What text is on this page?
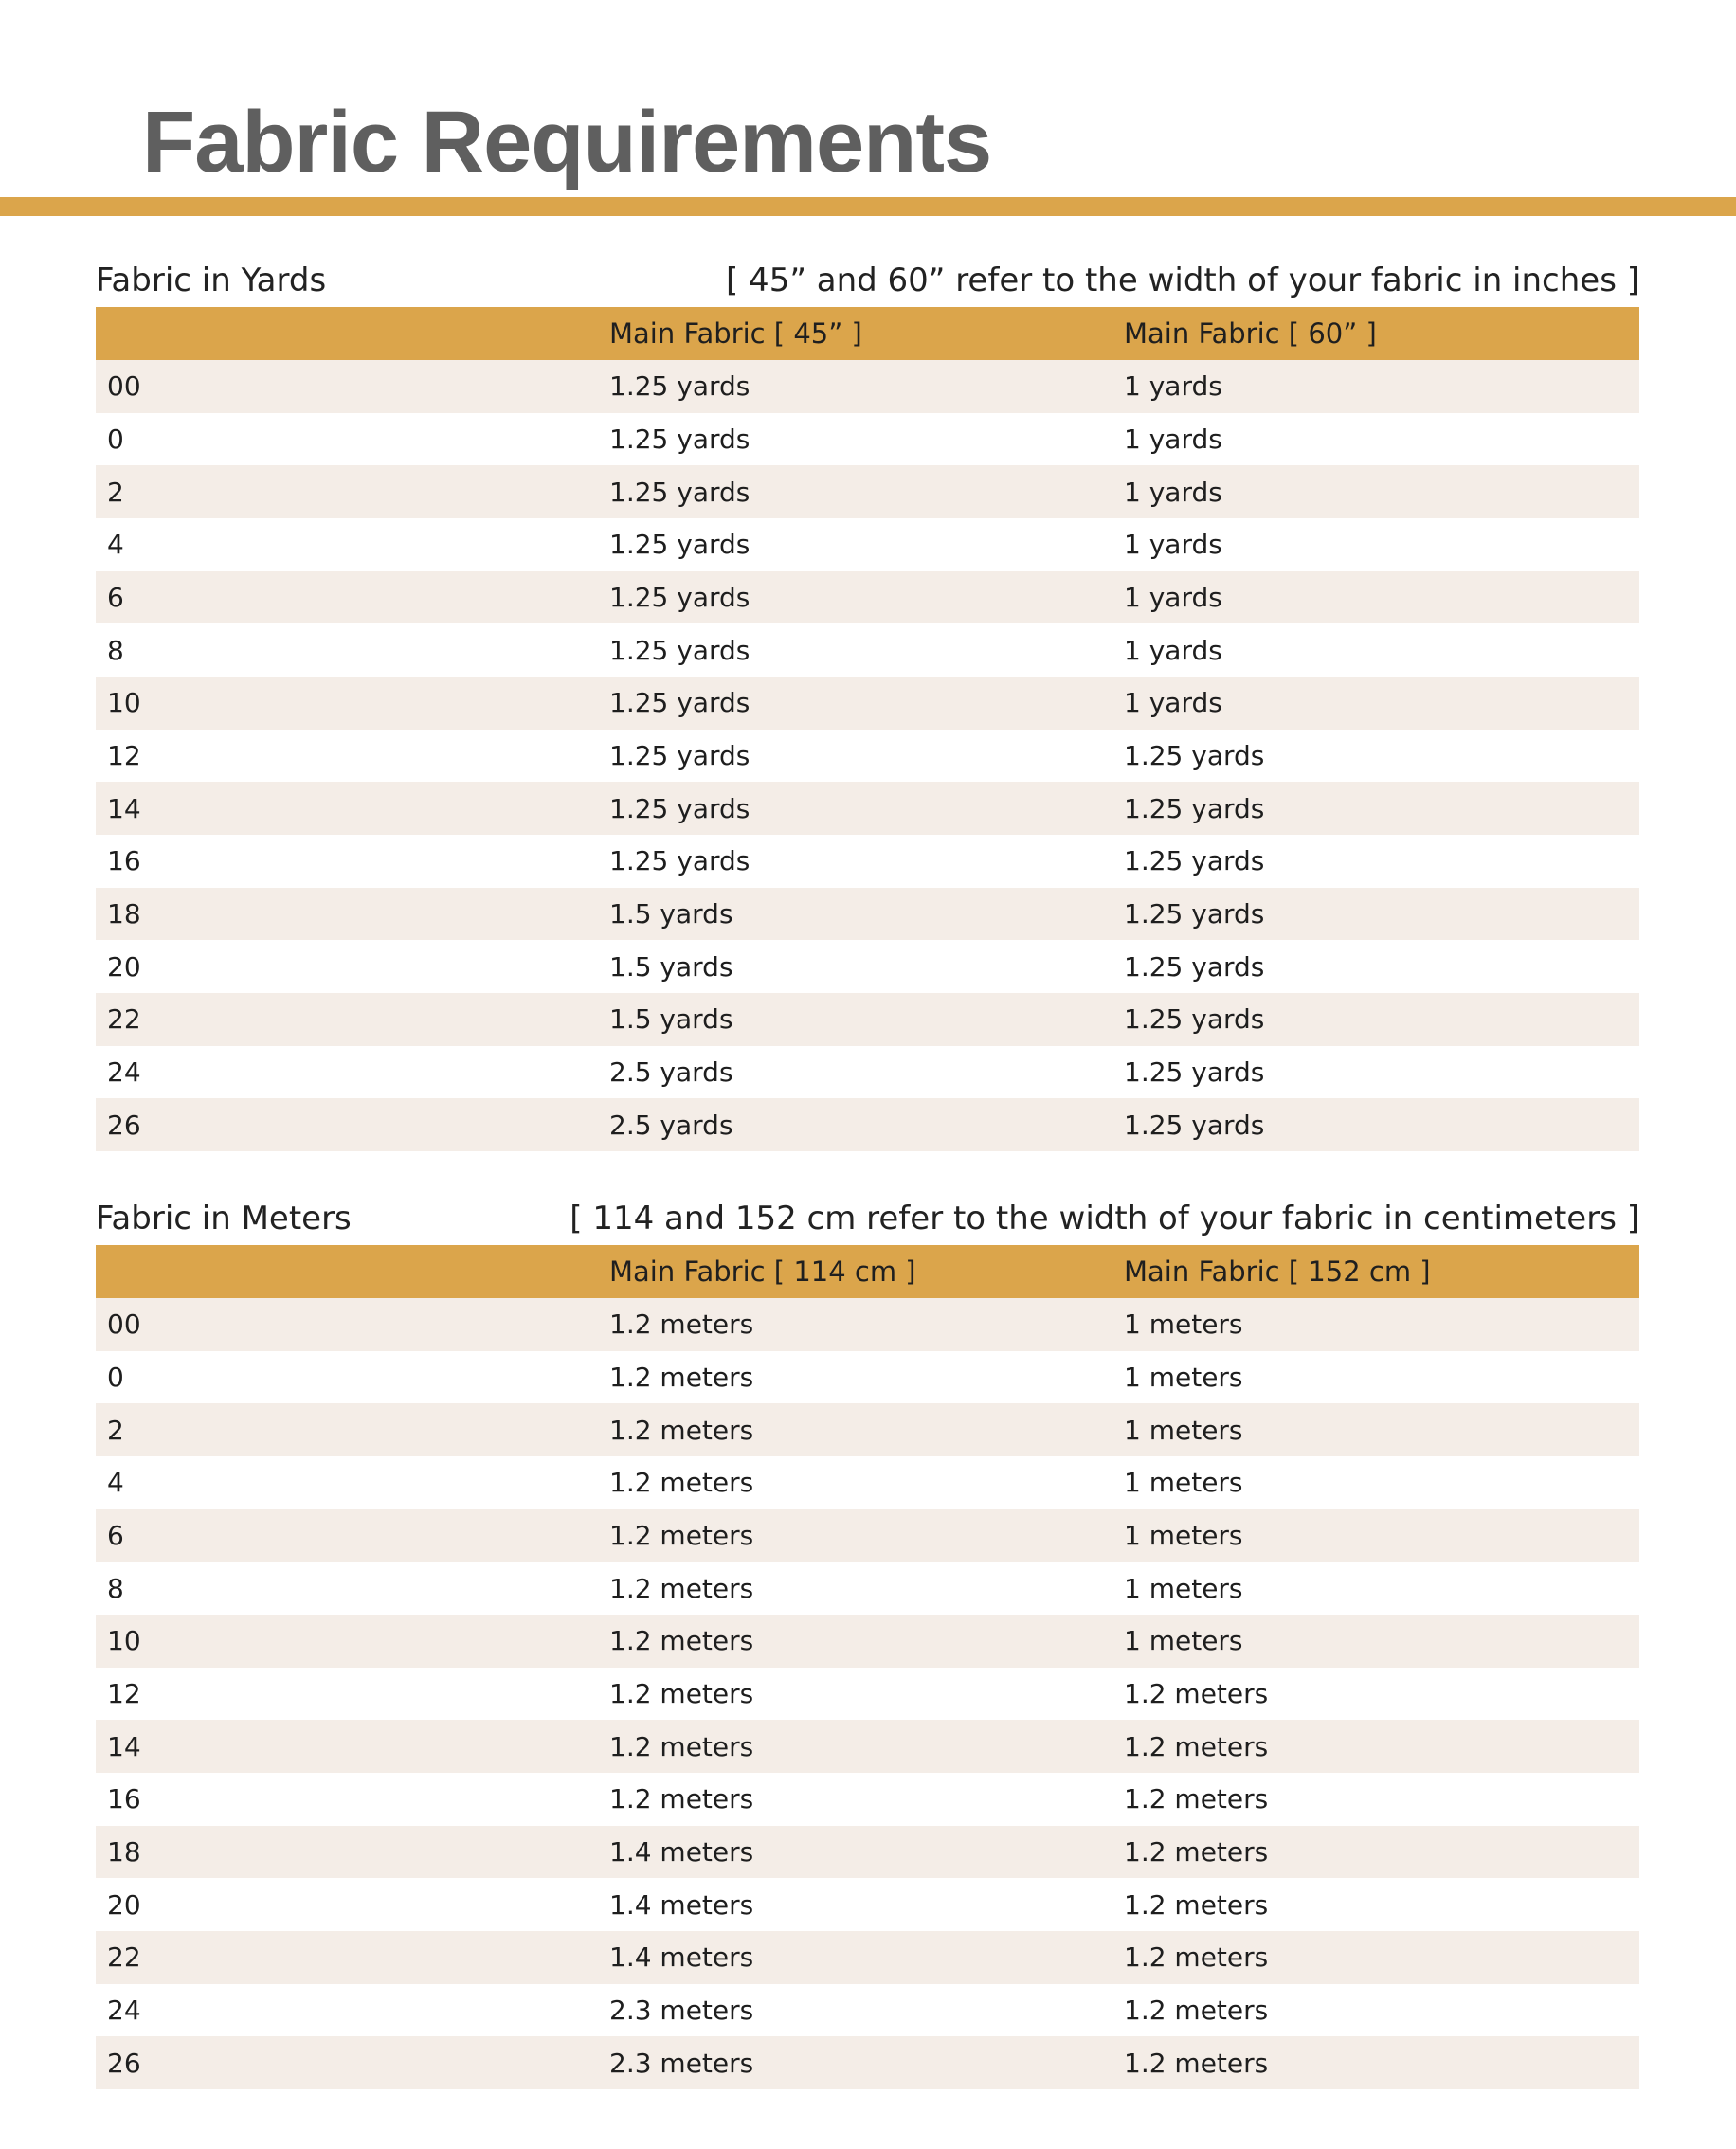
Fabric Requirements
Fabric in Yards	[ 45” and 60” refer to the width of your fabric in inches ]
	Main Fabric [ 45” ]	Main Fabric [ 60” ]
00	1.25 yards	1 yards
0	1.25 yards	1 yards
2	1.25 yards	1 yards
4	1.25 yards	1 yards
6	1.25 yards	1 yards
8	1.25 yards	1 yards
10	1.25 yards	1 yards
12	1.25 yards	1.25 yards
14	1.25 yards	1.25 yards
16	1.25 yards	1.25 yards
18	1.5 yards	1.25 yards
20	1.5 yards	1.25 yards
22	1.5 yards	1.25 yards
24	2.5 yards	1.25 yards
26	2.5 yards	1.25 yards
Fabric in Meters	[ 114 and 152 cm refer to the width of your fabric in centimeters ]
	Main Fabric [ 114 cm ]	Main Fabric [ 152 cm ]
00	1.2 meters	1 meters
0	1.2 meters	1 meters
2	1.2 meters	1 meters
4	1.2 meters	1 meters
6	1.2 meters	1 meters
8	1.2 meters	1 meters
10	1.2 meters	1 meters
12	1.2 meters	1.2 meters
14	1.2 meters	1.2 meters
16	1.2 meters	1.2 meters
18	1.4 meters	1.2 meters
20	1.4 meters	1.2 meters
22	1.4 meters	1.2 meters
24	2.3 meters	1.2 meters
26	2.3 meters	1.2 meters
